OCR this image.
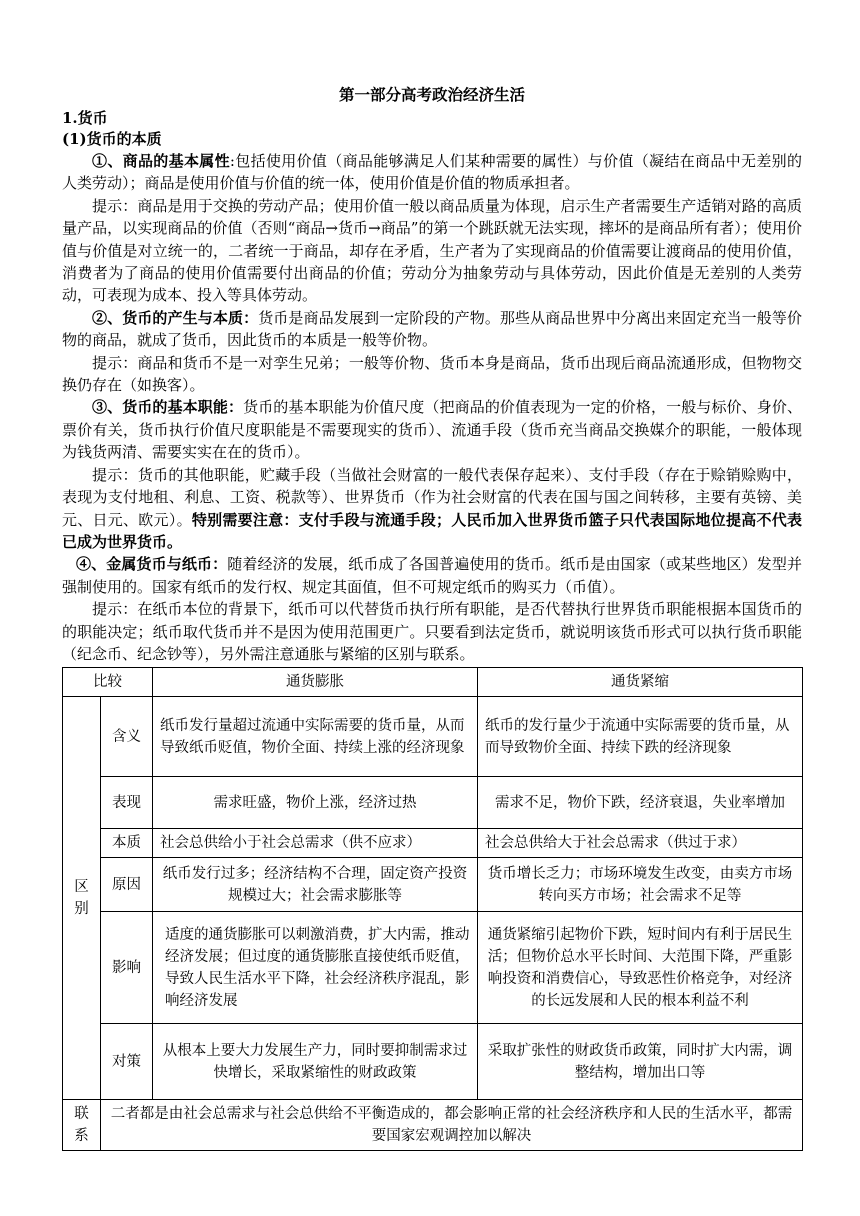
第一部分高考政治经济生活
1.货币
(1)货币的本质

①、商品的基本属性:包括使用价值（商品能够满足人们某种需要的属性）与价值（凝结在商品中无差别的人类劳动）；商品是使用价值与价值的统一体，使用价值是价值的物质承担者。

提示：商品是用于交换的劳动产品；使用价值一般以商品质量为体现，启示生产者需要生产适销对路的高质量产品，以实现商品的价值（否则“商品→货币→商品”的第一个跳跃就无法实现，摔坏的是商品所有者）；使用价值与价值是对立统一的，二者统一于商品，却存在矛盾，生产者为了实现商品的价值需要让渡商品的使用价值，消费者为了商品的使用价值需要付出商品的价值；劳动分为抽象劳动与具体劳动，因此价值是无差别的人类劳动，可表现为成本、投入等具体劳动。

②、货币的产生与本质：货币是商品发展到一定阶段的产物。那些从商品世界中分离出来固定充当一般等价物的商品，就成了货币，因此货币的本质是一般等价物。

提示：商品和货币不是一对孪生兄弟；一般等价物、货币本身是商品，货币出现后商品流通形成，但物物交换仍存在（如换客）。

③、货币的基本职能：货币的基本职能为价值尺度（把商品的价值表现为一定的价格，一般与标价、身价、票价有关，货币执行价值尺度职能是不需要现实的货币）、流通手段（货币充当商品交换媒介的职能，一般体现为钱货两清、需要实实在在的货币）。

提示：货币的其他职能，贮藏手段（当做社会财富的一般代表保存起来）、支付手段（存在于赊销赊购中，表现为支付地租、利息、工资、税款等）、世界货币（作为社会财富的代表在国与国之间转移，主要有英镑、美元、日元、欧元）。特别需要注意：支付手段与流通手段；人民币加入世界货币篮子只代表国际地位提高不代表已成为世界货币。

④、金属货币与纸币：随着经济的发展，纸币成了各国普遍使用的货币。纸币是由国家（或某些地区）发型并强制使用的。国家有纸币的发行权、规定其面值，但不可规定纸币的购买力（币值）。

提示：在纸币本位的背景下，纸币可以代替货币执行所有职能，是否代替执行世界货币职能根据本国货币的的职能决定；纸币取代货币并不是因为使用范围更广。只要看到法定货币，就说明该货币形式可以执行货币职能（纪念币、纪念钞等），另外需注意通胀与紧缩的区别与联系。

比较		通货膨胀	通货紧缩
区别	含义	纸币发行量超过流通中实际需要的货币量，从而导致纸币贬值，物价全面、持续上涨的经济现象	纸币的发行量少于流通中实际需要的货币量，从而导致物价全面、持续下跌的经济现象
	表现	需求旺盛，物价上涨，经济过热	需求不足，物价下跌，经济衰退，失业率增加
	本质	社会总供给小于社会总需求（供不应求）	社会总供给大于社会总需求（供过于求）
	原因	纸币发行过多；经济结构不合理，固定资产投资规模过大；社会需求膨胀等	货币增长乏力；市场环境发生改变，由卖方市场转向买方市场；社会需求不足等
	影响	适度的通货膨胀可以刺激消费，扩大内需，推动经济发展；但过度的通货膨胀直接使纸币贬值，导致人民生活水平下降，社会经济秩序混乱，影响经济发展	通货紧缩引起物价下跌，短时间内有利于居民生活；但物价总水平长时间、大范围下降，严重影响投资和消费信心，导致恶性价格竞争，对经济的长远发展和人民的根本利益不利
	对策	从根本上要大力发展生产力，同时要抑制需求过快增长，采取紧缩性的财政政策	采取扩张性的财政货币政策，同时扩大内需，调整结构，增加出口等
联系	二者都是由社会总需求与社会总供给不平衡造成的，都会影响正常的社会经济秩序和人民的生活水平，都需要国家宏观调控加以解决		
